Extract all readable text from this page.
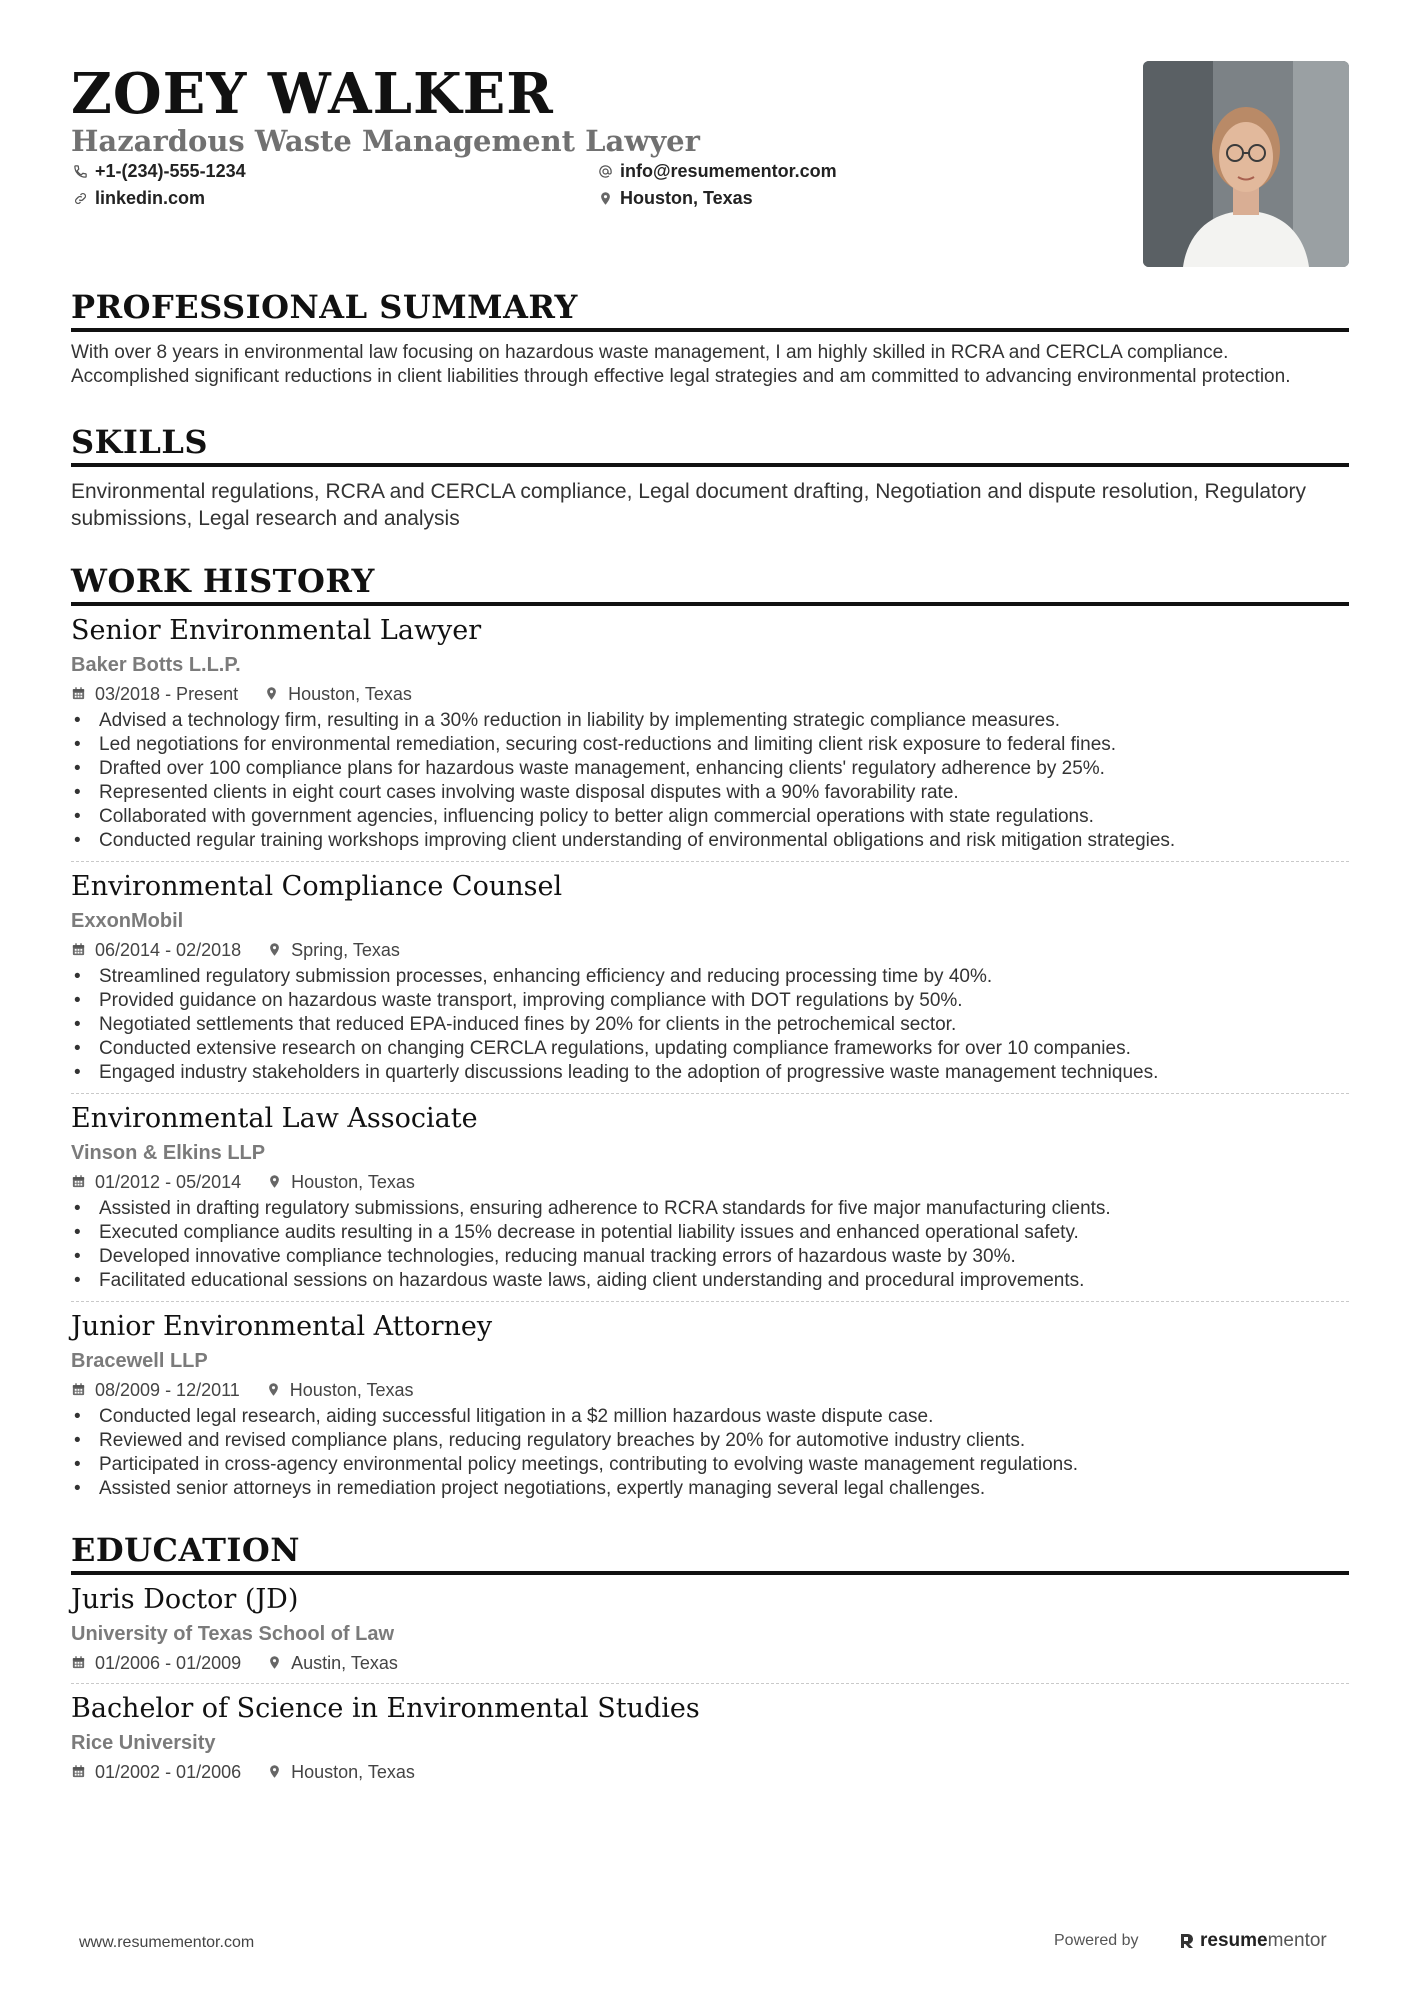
ZOEY WALKER
Hazardous Waste Management Lawyer
+1-(234)-555-1234	info@resumementor.com
linkedin.com	Houston, Texas
PROFESSIONAL SUMMARY
With over 8 years in environmental law focusing on hazardous waste management, I am highly skilled in RCRA and CERCLA compliance. Accomplished significant reductions in client liabilities through effective legal strategies and am committed to advancing environmental protection.
SKILLS
Environmental regulations, RCRA and CERCLA compliance, Legal document drafting, Negotiation and dispute resolution, Regulatory submissions, Legal research and analysis
WORK HISTORY
Senior Environmental Lawyer
Baker Botts L.L.P.
03/2018 - Present	Houston, Texas
• Advised a technology firm, resulting in a 30% reduction in liability by implementing strategic compliance measures.
• Led negotiations for environmental remediation, securing cost-reductions and limiting client risk exposure to federal fines.
• Drafted over 100 compliance plans for hazardous waste management, enhancing clients' regulatory adherence by 25%.
• Represented clients in eight court cases involving waste disposal disputes with a 90% favorability rate.
• Collaborated with government agencies, influencing policy to better align commercial operations with state regulations.
• Conducted regular training workshops improving client understanding of environmental obligations and risk mitigation strategies.
Environmental Compliance Counsel
ExxonMobil
06/2014 - 02/2018	Spring, Texas
• Streamlined regulatory submission processes, enhancing efficiency and reducing processing time by 40%.
• Provided guidance on hazardous waste transport, improving compliance with DOT regulations by 50%.
• Negotiated settlements that reduced EPA-induced fines by 20% for clients in the petrochemical sector.
• Conducted extensive research on changing CERCLA regulations, updating compliance frameworks for over 10 companies.
• Engaged industry stakeholders in quarterly discussions leading to the adoption of progressive waste management techniques.
Environmental Law Associate
Vinson & Elkins LLP
01/2012 - 05/2014	Houston, Texas
• Assisted in drafting regulatory submissions, ensuring adherence to RCRA standards for five major manufacturing clients.
• Executed compliance audits resulting in a 15% decrease in potential liability issues and enhanced operational safety.
• Developed innovative compliance technologies, reducing manual tracking errors of hazardous waste by 30%.
• Facilitated educational sessions on hazardous waste laws, aiding client understanding and procedural improvements.
Junior Environmental Attorney
Bracewell LLP
08/2009 - 12/2011	Houston, Texas
• Conducted legal research, aiding successful litigation in a $2 million hazardous waste dispute case.
• Reviewed and revised compliance plans, reducing regulatory breaches by 20% for automotive industry clients.
• Participated in cross-agency environmental policy meetings, contributing to evolving waste management regulations.
• Assisted senior attorneys in remediation project negotiations, expertly managing several legal challenges.
EDUCATION
Juris Doctor (JD)
University of Texas School of Law
01/2006 - 01/2009	Austin, Texas
Bachelor of Science in Environmental Studies
Rice University
01/2002 - 01/2006	Houston, Texas
www.resumementor.com	Powered by	resume mentor
